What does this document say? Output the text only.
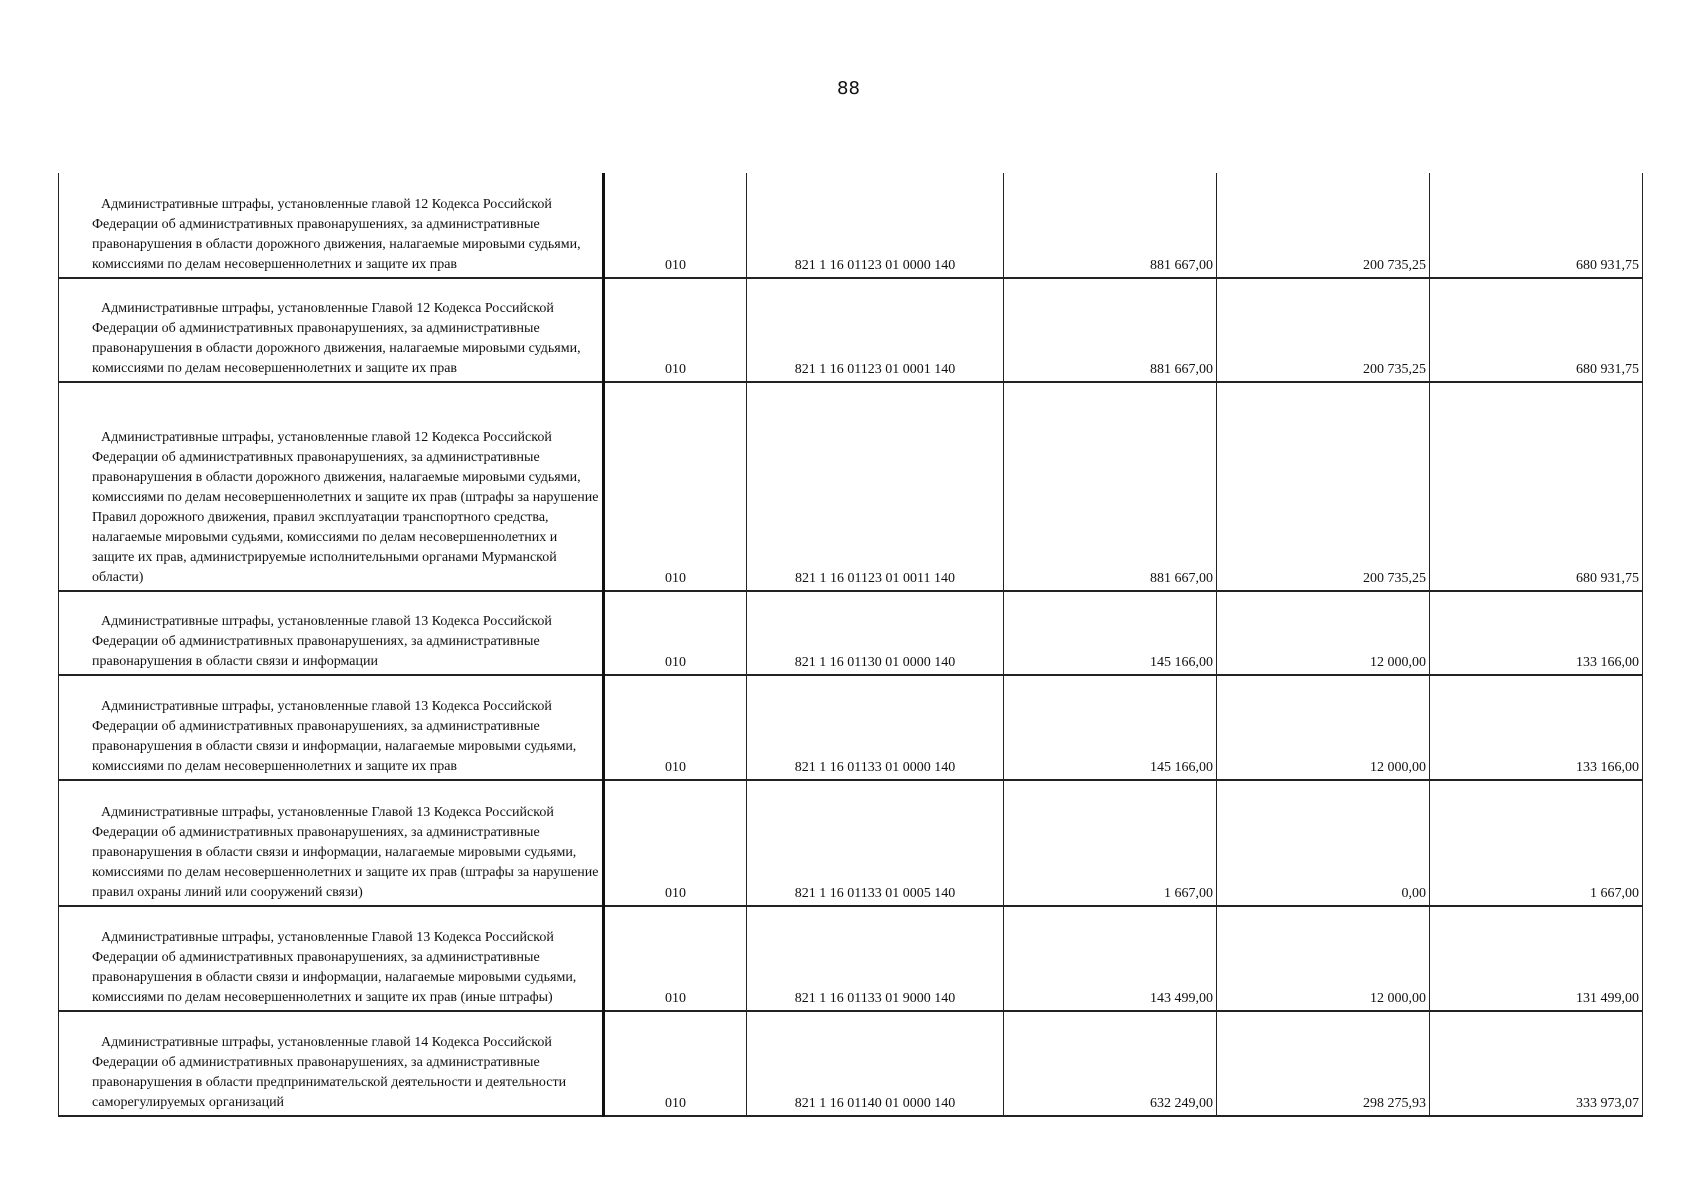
88
Административные штрафы, установленные главой 12 Кодекса Российской Федерации об административных правонарушениях, за административные правонарушения в области дорожного движения, налагаемые мировыми судьями, комиссиями по делам несовершеннолетних и защите их прав	010	821 1 16 01123 01 0000 140	881 667,00	200 735,25	680 931,75
Административные штрафы, установленные Главой 12 Кодекса Российской Федерации об административных правонарушениях, за административные правонарушения в области дорожного движения, налагаемые мировыми судьями, комиссиями по делам несовершеннолетних и защите их прав	010	821 1 16 01123 01 0001 140	881 667,00	200 735,25	680 931,75
Административные штрафы, установленные главой 12 Кодекса Российской Федерации об административных правонарушениях, за административные правонарушения в области дорожного движения, налагаемые мировыми судьями, комиссиями по делам несовершеннолетних и защите их прав (штрафы за нарушение Правил дорожного движения, правил эксплуатации транспортного средства, налагаемые мировыми судьями, комиссиями по делам несовершеннолетних и защите их прав, администрируемые исполнительными органами Мурманской области)	010	821 1 16 01123 01 0011 140	881 667,00	200 735,25	680 931,75
Административные штрафы, установленные главой 13 Кодекса Российской Федерации об административных правонарушениях, за административные правонарушения в области связи и информации	010	821 1 16 01130 01 0000 140	145 166,00	12 000,00	133 166,00
Административные штрафы, установленные главой 13 Кодекса Российской Федерации об административных правонарушениях, за административные правонарушения в области связи и информации, налагаемые мировыми судьями, комиссиями по делам несовершеннолетних и защите их прав	010	821 1 16 01133 01 0000 140	145 166,00	12 000,00	133 166,00
Административные штрафы, установленные Главой 13 Кодекса Российской Федерации об административных правонарушениях, за административные правонарушения в области связи и информации, налагаемые мировыми судьями, комиссиями по делам несовершеннолетних и защите их прав (штрафы за нарушение правил охраны линий или сооружений связи)	010	821 1 16 01133 01 0005 140	1 667,00	0,00	1 667,00
Административные штрафы, установленные Главой 13 Кодекса Российской Федерации об административных правонарушениях, за административные правонарушения в области связи и информации, налагаемые мировыми судьями, комиссиями по делам несовершеннолетних и защите их прав (иные штрафы)	010	821 1 16 01133 01 9000 140	143 499,00	12 000,00	131 499,00
Административные штрафы, установленные главой 14 Кодекса Российской Федерации об административных правонарушениях, за административные правонарушения в области предпринимательской деятельности и деятельности саморегулируемых организаций	010	821 1 16 01140 01 0000 140	632 249,00	298 275,93	333 973,07
